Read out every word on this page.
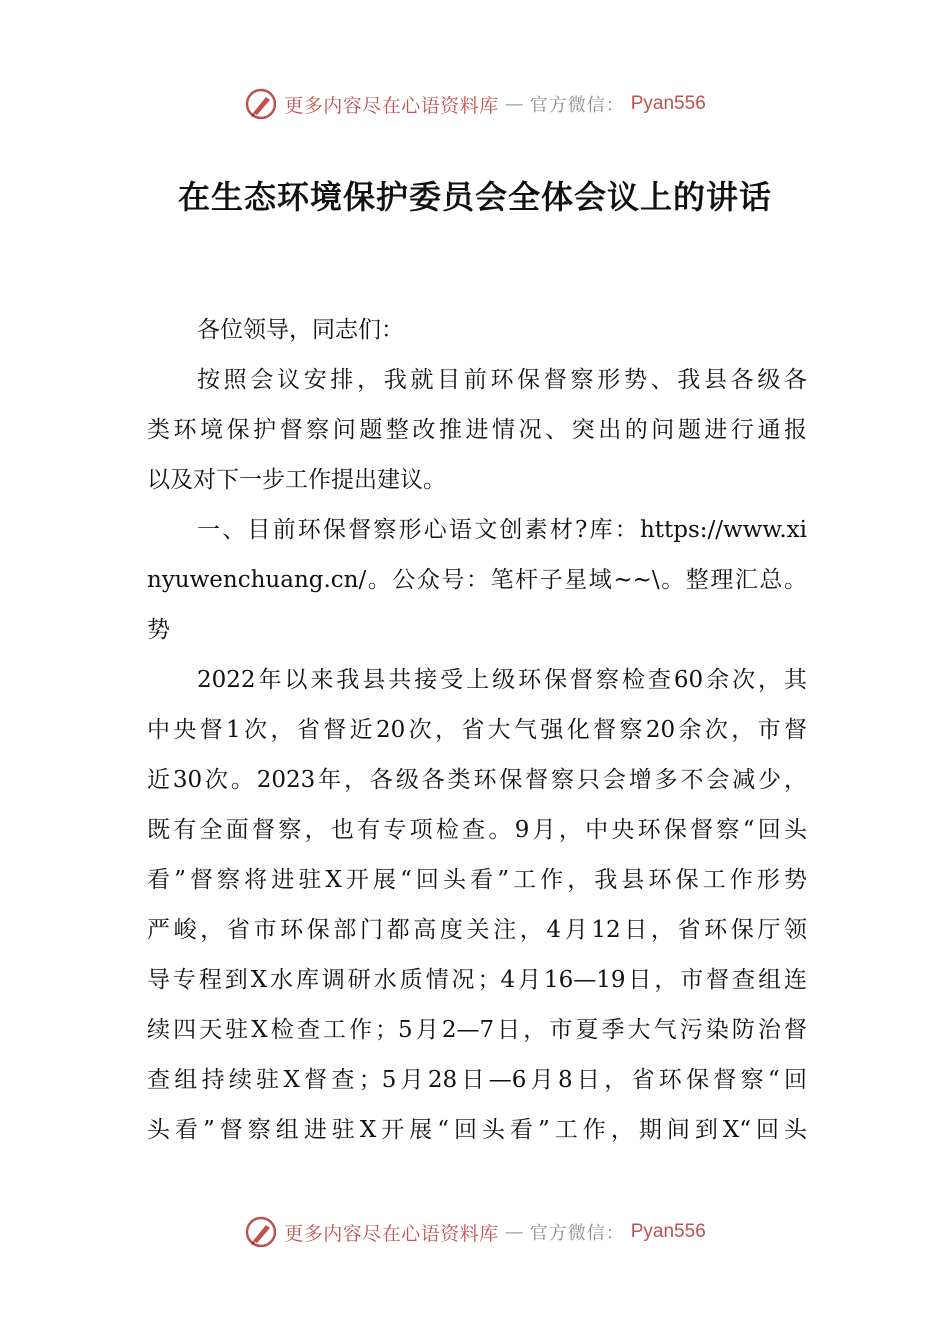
更多内容尽在心语资料库 — 官方微信： Pyan556
在生态环境保护委员会全体会议上的讲话
各位领导，同志们：
按照会议安排，我就目前环保督察形势、我县各级各
类环境保护督察问题整改推进情况、突出的问题进行通报
以及对下一步工作提出建议。
一、目前环保督察形心语文创素材?库：https://www.xi
nyuwenchuang.cn/。公众号：笔杆子星域~~\。整理汇总。
势
2022年以来我县共接受上级环保督察检查60余次，其
中央督1次，省督近20次，省大气强化督察20余次，市督
近30次。2023年，各级各类环保督察只会增多不会减少，
既有全面督察，也有专项检查。9月，中央环保督察“回头
看”督察将进驻X开展“回头看”工作，我县环保工作形势
严峻，省市环保部门都高度关注，4月12日，省环保厅领
导专程到X水库调研水质情况；4月16—19日，市督查组连
续四天驻X检查工作；5月2—7日，市夏季大气污染防治督
查组持续驻X督查；5月28日—6月8日，省环保督察“回
头看”督察组进驻X开展“回头看”工作，期间到X“回头
更多内容尽在心语资料库 — 官方微信： Pyan556
